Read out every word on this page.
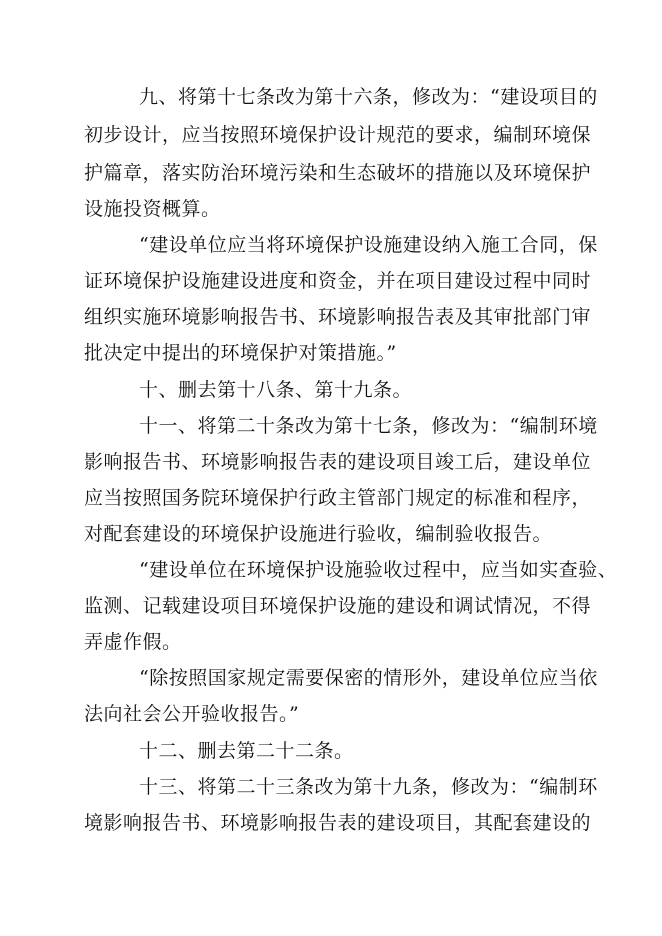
九、将第十七条改为第十六条，修改为：“建设项目的
初步设计，应当按照环境保护设计规范的要求，编制环境保
护篇章，落实防治环境污染和生态破坏的措施以及环境保护
设施投资概算。
“建设单位应当将环境保护设施建设纳入施工合同，保
证环境保护设施建设进度和资金，并在项目建设过程中同时
组织实施环境影响报告书、环境影响报告表及其审批部门审
批决定中提出的环境保护对策措施。”
十、删去第十八条、第十九条。
十一、将第二十条改为第十七条，修改为：“编制环境
影响报告书、环境影响报告表的建设项目竣工后，建设单位
应当按照国务院环境保护行政主管部门规定的标准和程序，
对配套建设的环境保护设施进行验收，编制验收报告。
“建设单位在环境保护设施验收过程中，应当如实查验、
监测、记载建设项目环境保护设施的建设和调试情况，不得
弄虚作假。
“除按照国家规定需要保密的情形外，建设单位应当依
法向社会公开验收报告。”
十二、删去第二十二条。
十三、将第二十三条改为第十九条，修改为：“编制环
境影响报告书、环境影响报告表的建设项目，其配套建设的
